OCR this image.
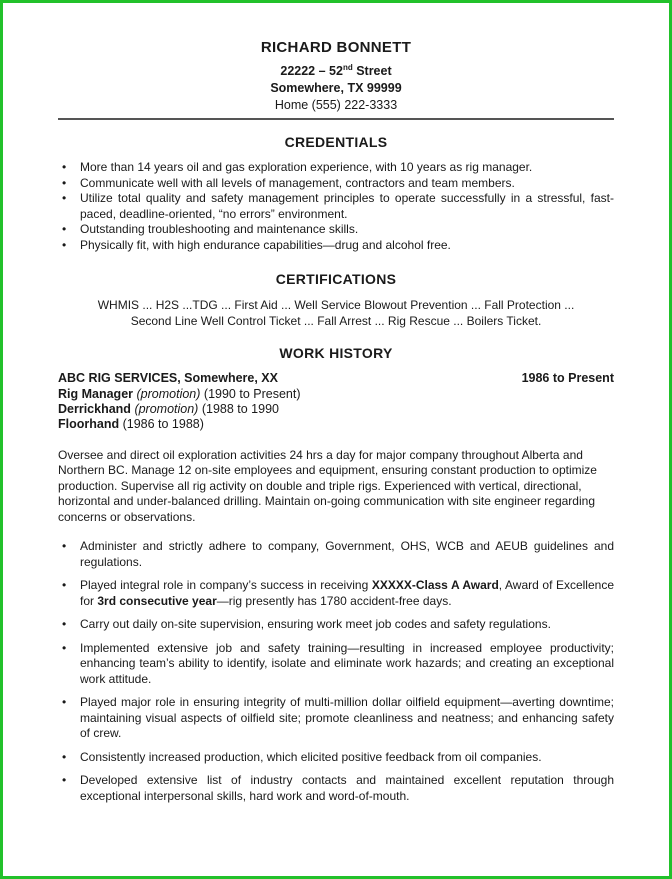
RICHARD BONNETT
22222 – 52nd Street
Somewhere, TX 99999
Home (555) 222-3333
CREDENTIALS
• More than 14 years oil and gas exploration experience, with 10 years as rig manager.
• Communicate well with all levels of management, contractors and team members.
• Utilize total quality and safety management principles to operate successfully in a stressful, fast-paced, deadline-oriented, “no errors” environment.
• Outstanding troubleshooting and maintenance skills.
• Physically fit, with high endurance capabilities—drug and alcohol free.
CERTIFICATIONS
WHMIS ... H2S ...TDG ... First Aid ... Well Service Blowout Prevention ... Fall Protection ...
Second Line Well Control Ticket ... Fall Arrest ... Rig Rescue ... Boilers Ticket.
WORK HISTORY
ABC RIG SERVICES, Somewhere, XX	1986 to Present
Rig Manager (promotion) (1990 to Present)
Derrickhand (promotion) (1988 to 1990
Floorhand (1986 to 1988)
Oversee and direct oil exploration activities 24 hrs a day for major company throughout Alberta and Northern BC. Manage 12 on-site employees and equipment, ensuring constant production to optimize production. Supervise all rig activity on double and triple rigs. Experienced with vertical, directional, horizontal and under-balanced drilling. Maintain on-going communication with site engineer regarding concerns or observations.
• Administer and strictly adhere to company, Government, OHS, WCB and AEUB guidelines and regulations.
• Played integral role in company’s success in receiving XXXXX-Class A Award, Award of Excellence for 3rd consecutive year—rig presently has 1780 accident-free days.
• Carry out daily on-site supervision, ensuring work meet job codes and safety regulations.
• Implemented extensive job and safety training—resulting in increased employee productivity; enhancing team’s ability to identify, isolate and eliminate work hazards; and creating an exceptional work attitude.
• Played major role in ensuring integrity of multi-million dollar oilfield equipment—averting downtime; maintaining visual aspects of oilfield site; promote cleanliness and neatness; and enhancing safety of crew.
• Consistently increased production, which elicited positive feedback from oil companies.
• Developed extensive list of industry contacts and maintained excellent reputation through exceptional interpersonal skills, hard work and word-of-mouth.
